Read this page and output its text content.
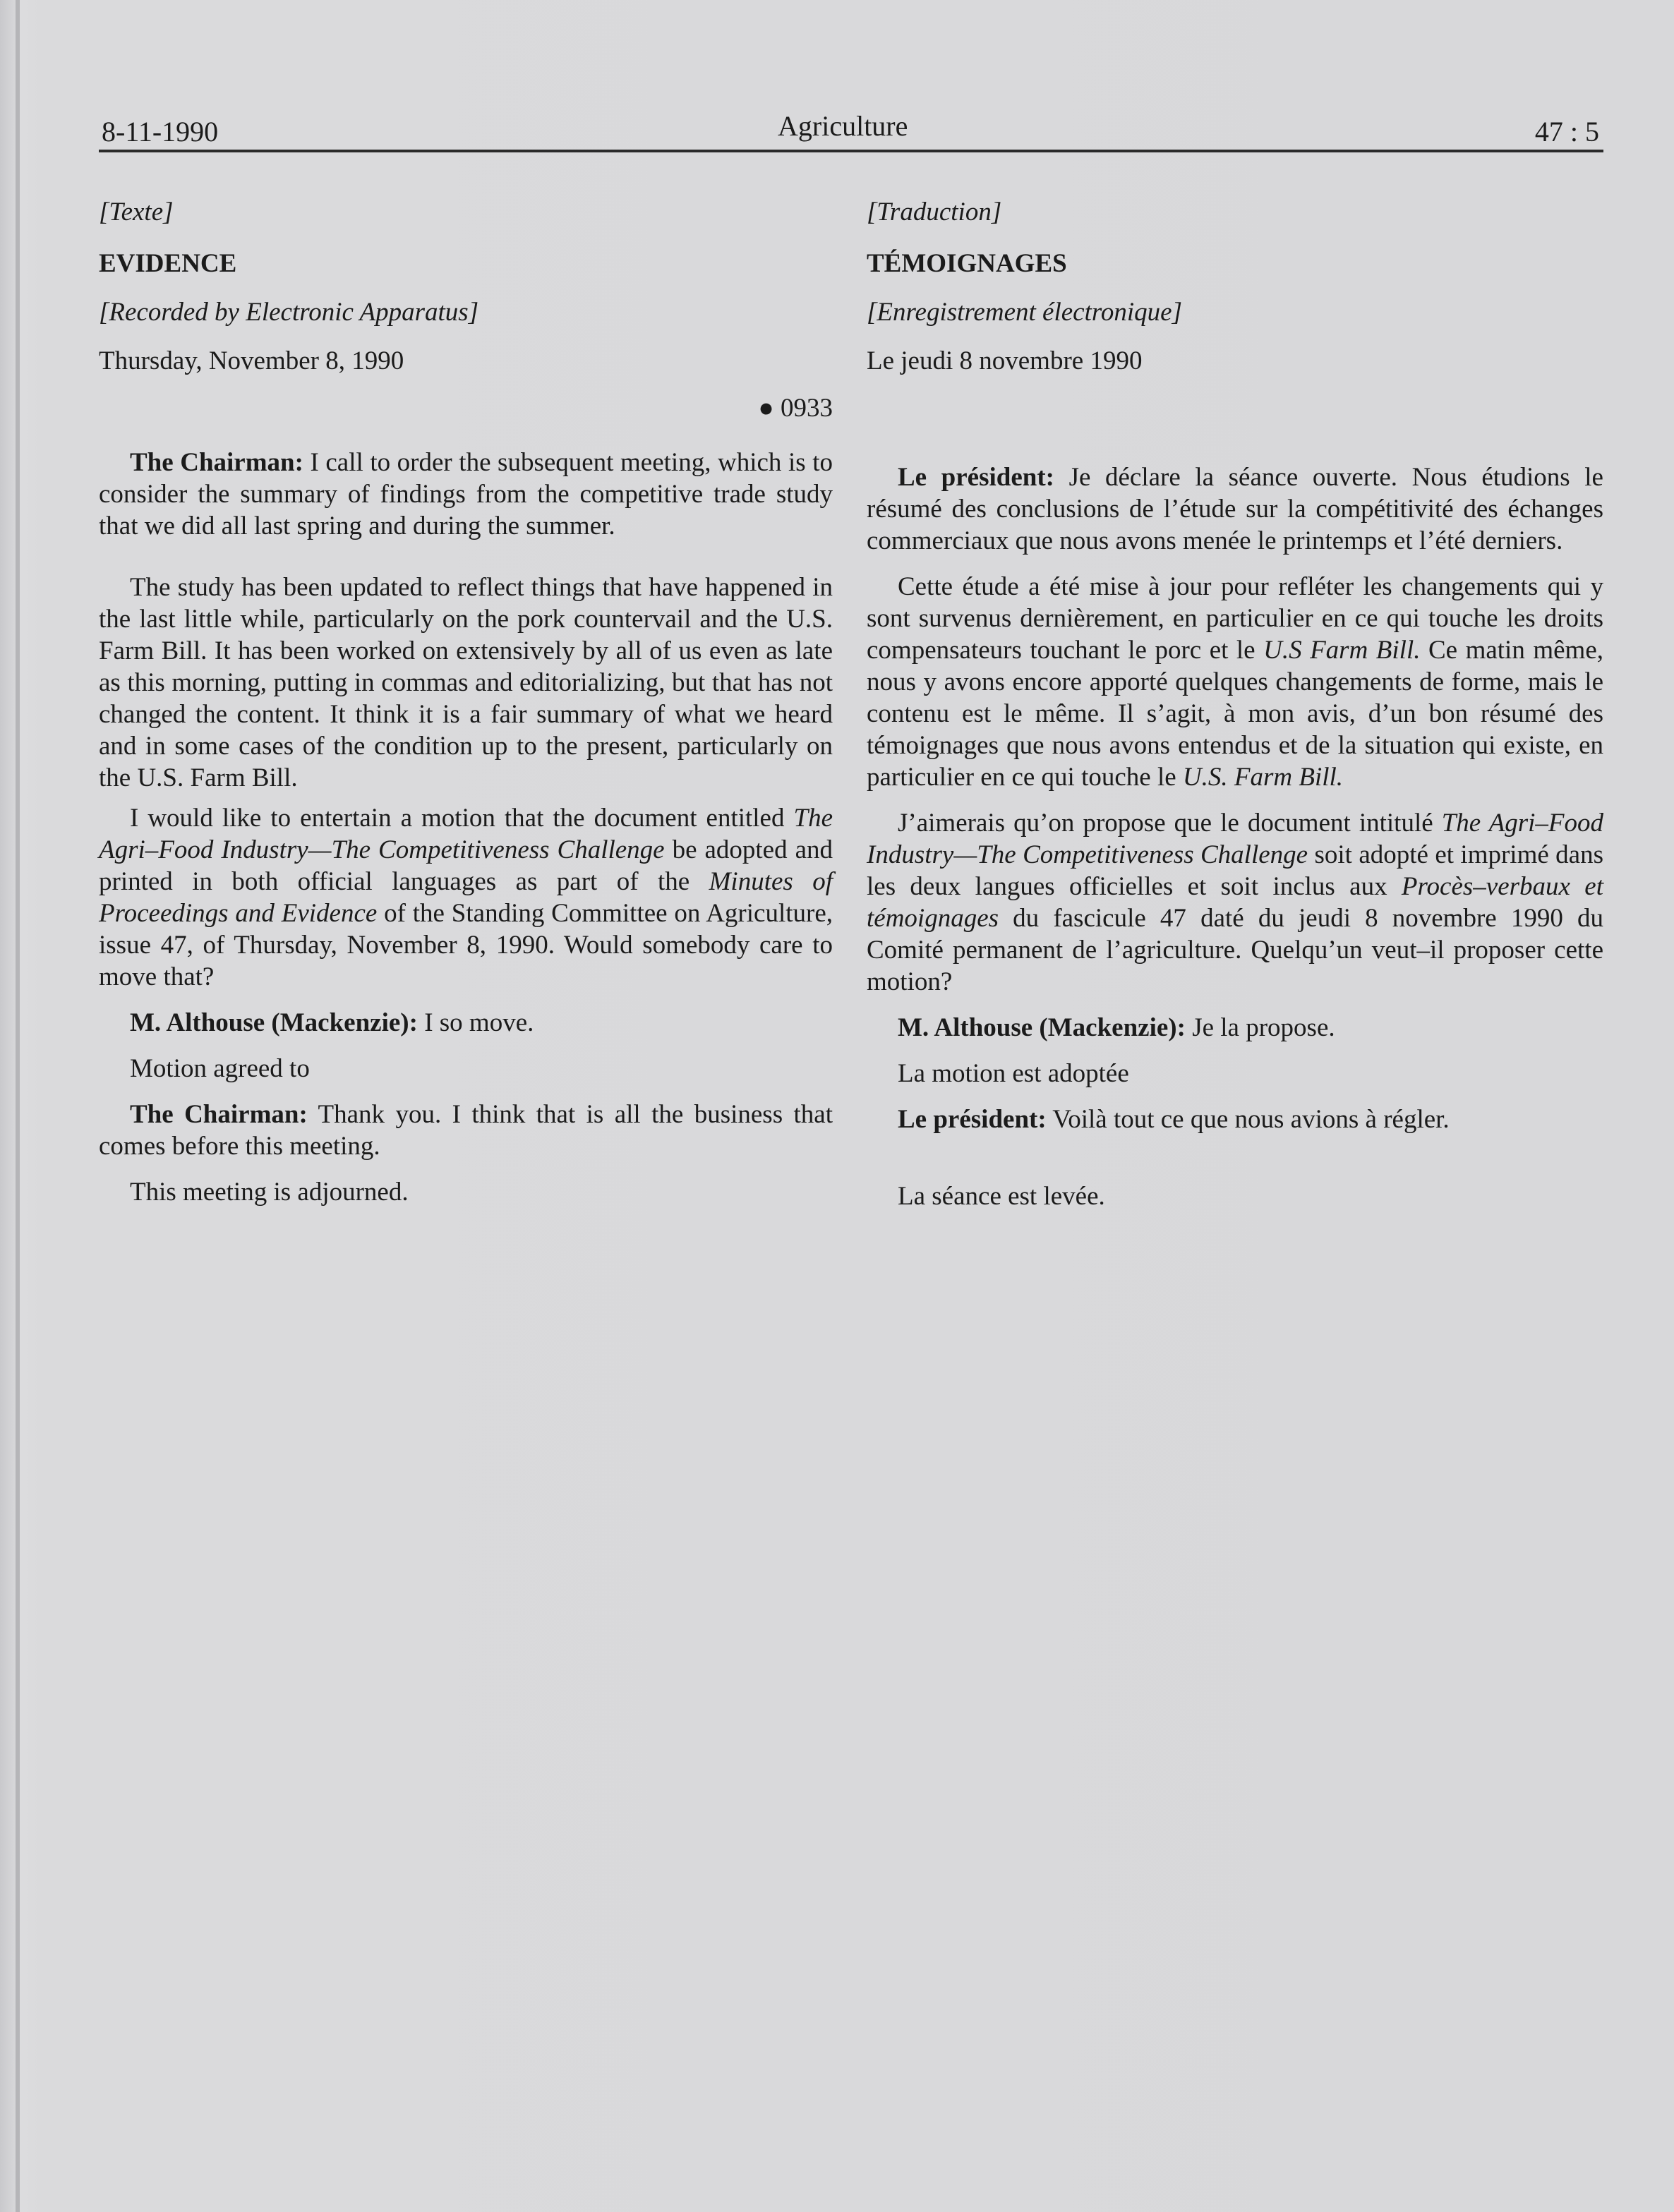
8-11-1990	Agriculture	47 : 5

[Texte]

EVIDENCE

[Recorded by Electronic Apparatus]

Thursday, November 8, 1990

● 0933

The Chairman: I call to order the subsequent meeting, which is to consider the summary of findings from the competitive trade study that we did all last spring and during the summer.

The study has been updated to reflect things that have happened in the last little while, particularly on the pork countervail and the U.S. Farm Bill. It has been worked on extensively by all of us even as late as this morning, putting in commas and editorializing, but that has not changed the content. It think it is a fair summary of what we heard and in some cases of the condition up to the present, particularly on the U.S. Farm Bill.

I would like to entertain a motion that the document entitled The Agri–Food Industry—The Competitiveness Challenge be adopted and printed in both official languages as part of the Minutes of Proceedings and Evidence of the Standing Committee on Agriculture, issue 47, of Thursday, November 8, 1990. Would somebody care to move that?

M. Althouse (Mackenzie): I so move.

Motion agreed to

The Chairman: Thank you. I think that is all the business that comes before this meeting.

This meeting is adjourned.

[Traduction]

TÉMOIGNAGES

[Enregistrement électronique]

Le jeudi 8 novembre 1990

Le président: Je déclare la séance ouverte. Nous étudions le résumé des conclusions de l’étude sur la compétitivité des échanges commerciaux que nous avons menée le printemps et l’été derniers.

Cette étude a été mise à jour pour refléter les changements qui y sont survenus dernièrement, en particulier en ce qui touche les droits compensateurs touchant le porc et le U.S Farm Bill. Ce matin même, nous y avons encore apporté quelques changements de forme, mais le contenu est le même. Il s’agit, à mon avis, d’un bon résumé des témoignages que nous avons entendus et de la situation qui existe, en particulier en ce qui touche le U.S. Farm Bill.

J’aimerais qu’on propose que le document intitulé The Agri–Food Industry—The Competitiveness Challenge soit adopté et imprimé dans les deux langues officielles et soit inclus aux Procès–verbaux et témoignages du fascicule 47 daté du jeudi 8 novembre 1990 du Comité permanent de l’agriculture. Quelqu’un veut–il proposer cette motion?

M. Althouse (Mackenzie): Je la propose.

La motion est adoptée

Le président: Voilà tout ce que nous avions à régler.

La séance est levée.
